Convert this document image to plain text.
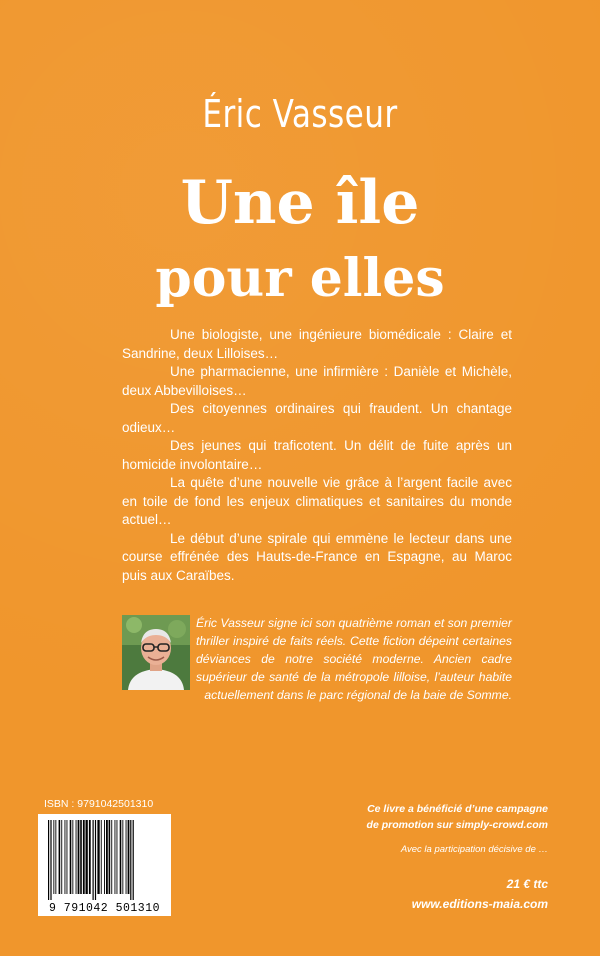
Éric Vasseur
Une île
pour elles

Une biologiste, une ingénieure biomédicale : Claire et Sandrine, deux Lilloises…

Une pharmacienne, une infirmière : Danièle et Michèle, deux Abbevilloises…

Des citoyennes ordinaires qui fraudent. Un chantage odieux…

Des jeunes qui traficotent. Un délit de fuite après un homicide involontaire…

La quête d’une nouvelle vie grâce à l’argent facile avec en toile de fond les enjeux climatiques et sanitaires du monde actuel…

Le début d’une spirale qui emmène le lecteur dans une course effrénée des Hauts-de-France en Espagne, au Maroc puis aux Caraïbes.

Éric Vasseur signe ici son quatrième roman et son premier thriller inspiré de faits réels. Cette fiction dépeint certaines déviances de notre société moderne. Ancien cadre supérieur de santé de la métropole lilloise, l’auteur habite actuellement dans le parc régional de la baie de Somme.
ISBN : 9791042501310
9 791042 501310
Ce livre a bénéficié d’une campagne
de promotion sur simply-crowd.com
Avec la participation décisive de …
21 € ttc
www.editions-maia.com
